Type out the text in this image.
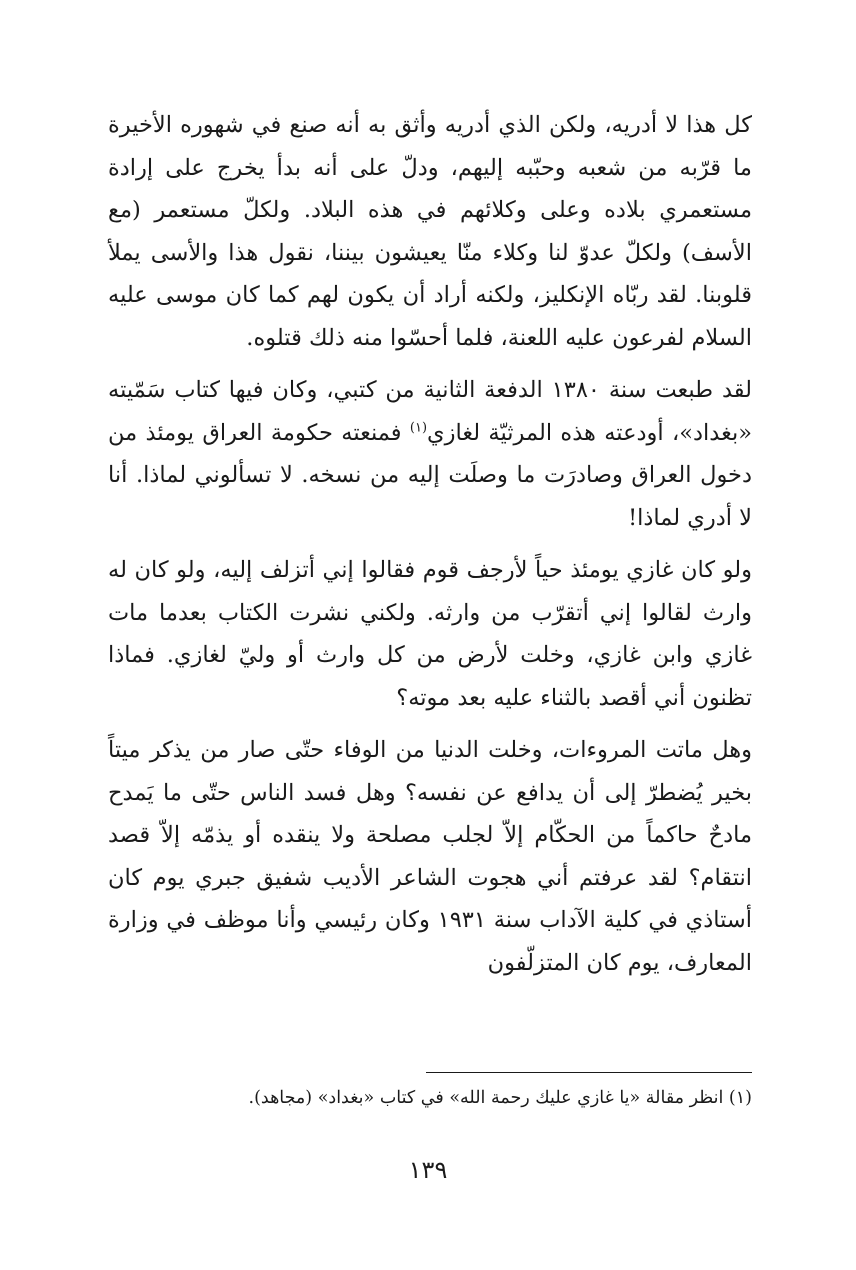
كل هذا لا أدريه، ولكن الذي أدريه وأثق به أنه صنع في شهوره الأخيرة ما قرّبه من شعبه وحبّبه إليهم، ودلّ على أنه بدأ يخرج على إرادة مستعمري بلاده وعلى وكلائهم في هذه البلاد. ولكلّ مستعمر (مع الأسف) ولكلّ عدوّ لنا وكلاء منّا يعيشون بيننا، نقول هذا والأسى يملأ قلوبنا. لقد ربّاه الإنكليز، ولكنه أراد أن يكون لهم كما كان موسى عليه السلام لفرعون عليه اللعنة، فلما أحسّوا منه ذلك قتلوه.

لقد طبعت سنة ١٣٨٠ الدفعة الثانية من كتبي، وكان فيها كتاب سَمّيته «بغداد»، أودعته هذه المرثيّة لغازي$^{(١)}$ فمنعته حكومة العراق يومئذ من دخول العراق وصادرَت ما وصلَت إليه من نسخه. لا تسألوني لماذا. أنا لا أدري لماذا!

ولو كان غازي يومئذ حياً لأرجف قوم فقالوا إني أتزلف إليه، ولو كان له وارث لقالوا إني أتقرّب من وارثه. ولكني نشرت الكتاب بعدما مات غازي وابن غازي، وخلت لأرض من كل وارث أو وليّ لغازي. فماذا تظنون أني أقصد بالثناء عليه بعد موته؟

وهل ماتت المروءات، وخلت الدنيا من الوفاء حتّى صار من يذكر ميتاً بخير يُضطرّ إلى أن يدافع عن نفسه؟ وهل فسد الناس حتّى ما يَمدح مادحٌ حاكماً من الحكّام إلاّ لجلب مصلحة ولا ينقده أو يذمّه إلاّ قصد انتقام؟ لقد عرفتم أني هجوت الشاعر الأديب شفيق جبري يوم كان أستاذي في كلية الآداب سنة ١٩٣١ وكان رئيسي وأنا موظف في وزارة المعارف، يوم كان المتزلّفون

(١) انظر مقالة «يا غازي عليك رحمة الله» في كتاب «بغداد» (مجاهد).

١٣٩
